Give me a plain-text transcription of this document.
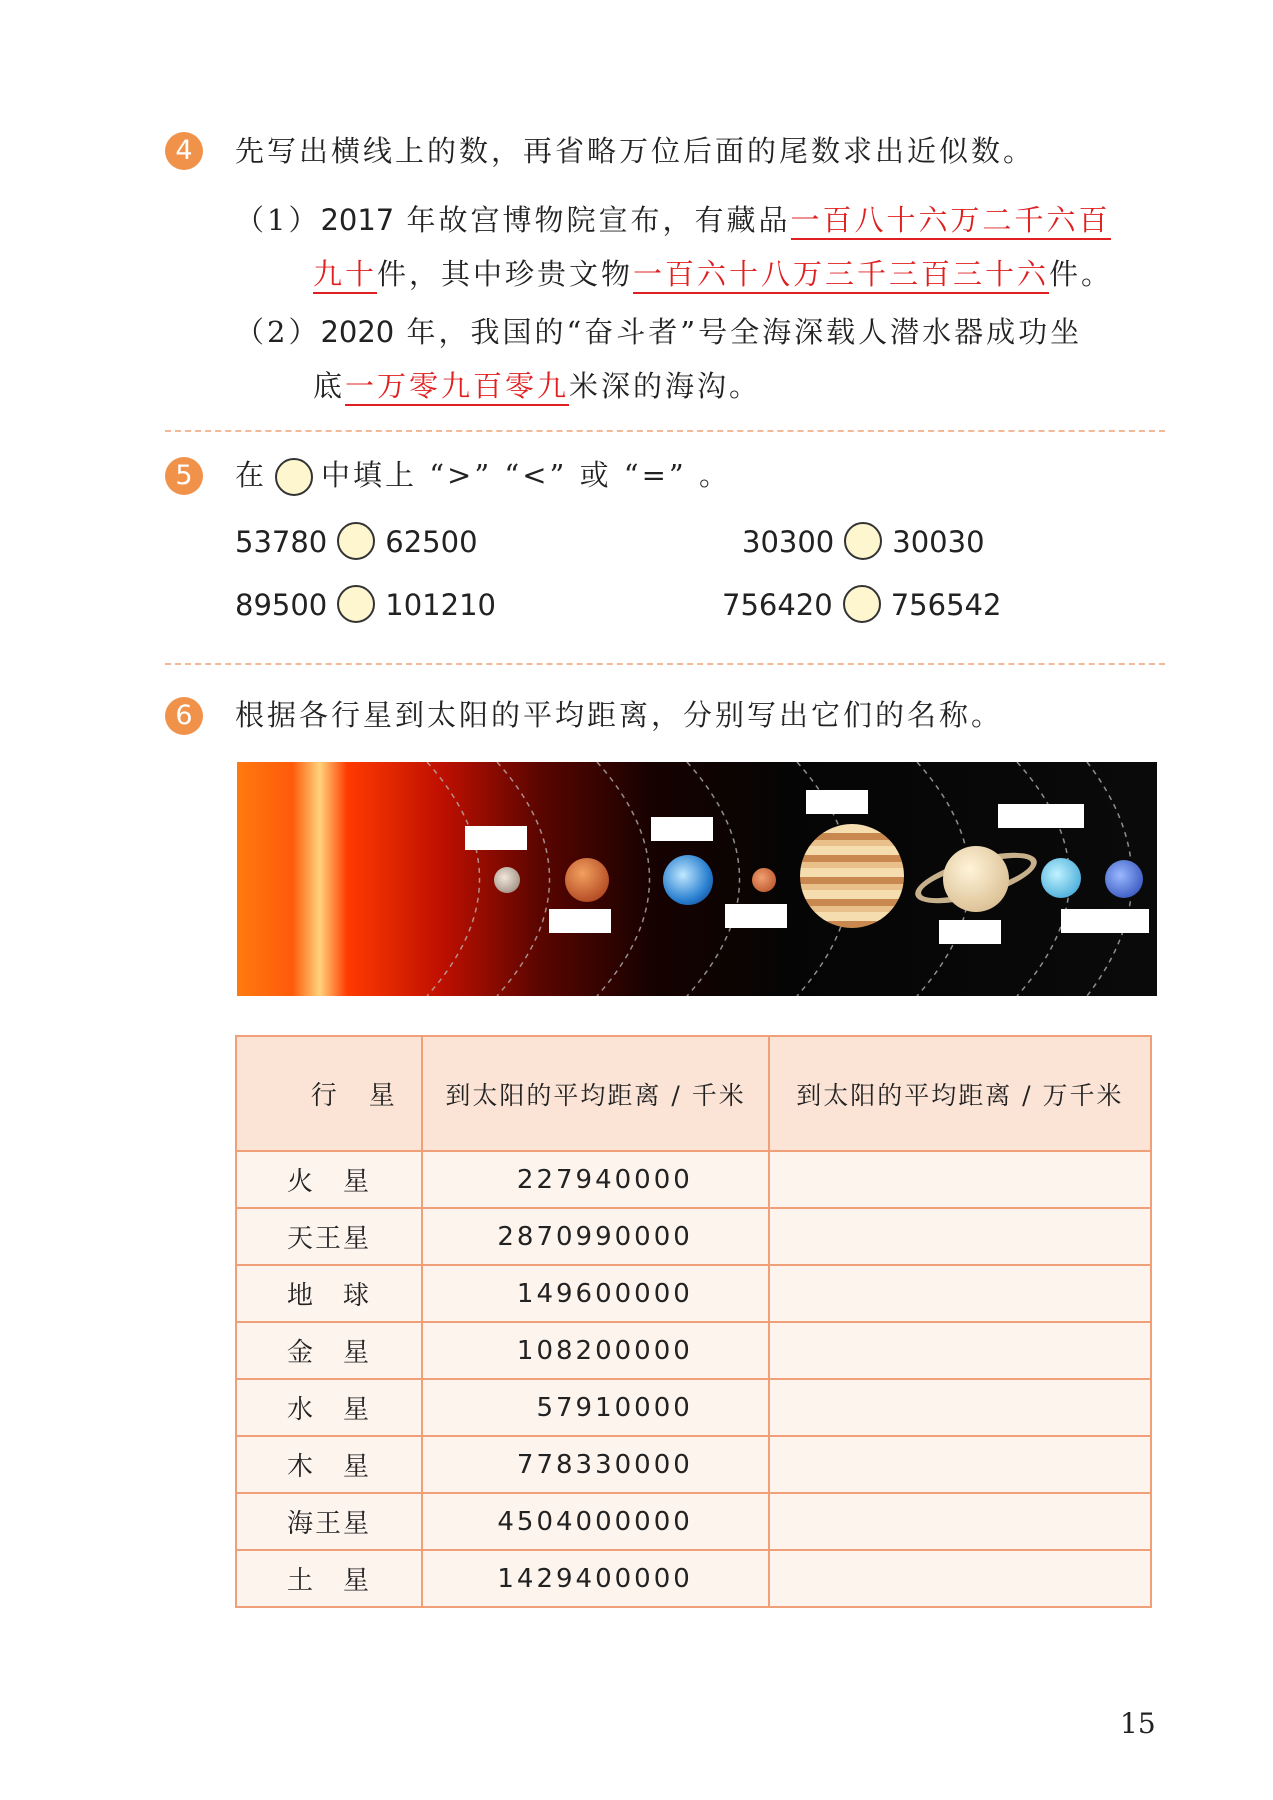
4	先写出横线上的数，再省略万位后面的尾数求出近似数。
（1）2017 年故宫博物院宣布，有藏品一百八十六万二千六百
九十件，其中珍贵文物一百六十八万三千三百三十六件。
（2）2020 年，我国的“奋斗者”号全海深载人潜水器成功坐
底一万零九百零九米深的海沟。
5	在 中填上 “>” “<” 或 “=” 。
53780 62500	30300 30030
89500 101210	756420 756542
6	根据各行星到太阳的平均距离，分别写出它们的名称。
行　星	到太阳的平均距离 / 千米	到太阳的平均距离 / 万千米
火　星	227940000	
天王星	2870990000	
地　球	149600000	
金　星	108200000	
水　星	57910000	
木　星	778330000	
海王星	4504000000	
土　星	1429400000	
15
